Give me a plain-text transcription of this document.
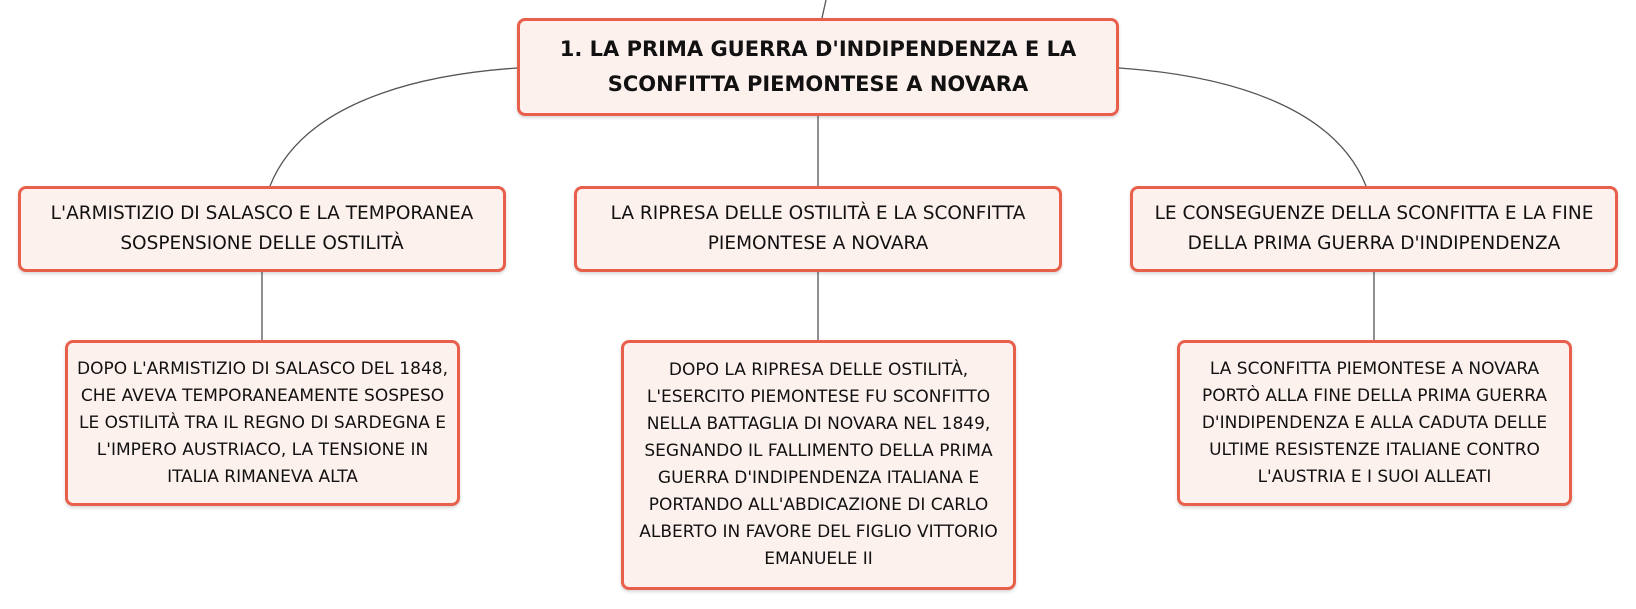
1. LA PRIMA GUERRA D'INDIPENDENZA E LA SCONFITTA PIEMONTESE A NOVARA
L'ARMISTIZIO DI SALASCO E LA TEMPORANEA SOSPENSIONE DELLE OSTILITÀ
LA RIPRESA DELLE OSTILITÀ E LA SCONFITTA PIEMONTESE A NOVARA
LE CONSEGUENZE DELLA SCONFITTA E LA FINE DELLA PRIMA GUERRA D'INDIPENDENZA
DOPO L'ARMISTIZIO DI SALASCO DEL 1848, CHE AVEVA TEMPORANEAMENTE SOSPESO LE OSTILITÀ TRA IL REGNO DI SARDEGNA E L'IMPERO AUSTRIACO, LA TENSIONE IN ITALIA RIMANEVA ALTA
DOPO LA RIPRESA DELLE OSTILITÀ, L'ESERCITO PIEMONTESE FU SCONFITTO NELLA BATTAGLIA DI NOVARA NEL 1849, SEGNANDO IL FALLIMENTO DELLA PRIMA GUERRA D'INDIPENDENZA ITALIANA E PORTANDO ALL'ABDICAZIONE DI CARLO ALBERTO IN FAVORE DEL FIGLIO VITTORIO EMANUELE II
LA SCONFITTA PIEMONTESE A NOVARA PORTÒ ALLA FINE DELLA PRIMA GUERRA D'INDIPENDENZA E ALLA CADUTA DELLE ULTIME RESISTENZE ITALIANE CONTRO L'AUSTRIA E I SUOI ALLEATI
